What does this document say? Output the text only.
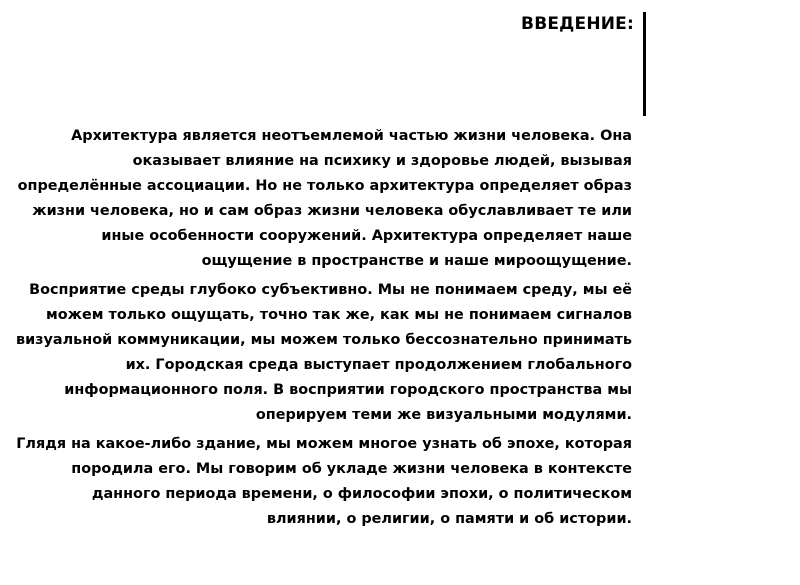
ВВЕДЕНИЕ:

Архитектура является неотъемлемой частью жизни человека. Она оказывает влияние на психику и здоровье людей, вызывая определённые ассоциации. Но не только архитектура определяет образ жизни человека, но и сам образ жизни человека обуславливает те или иные особенности сооружений. Архитектура определяет наше ощущение в пространстве и наше мироощущение.

Восприятие среды глубоко субъективно. Мы не понимаем среду, мы её можем только ощущать, точно так же, как мы не понимаем сигналов визуальной коммуникации, мы можем только бессознательно принимать их. Городская среда выступает продолжением глобального информационного поля. В восприятии городского пространства мы оперируем теми же визуальными модулями.

Глядя на какое-либо здание, мы можем многое узнать об эпохе, которая породила его. Мы говорим об укладе жизни человека в контексте данного периода времени, о философии эпохи, о политическом влиянии, о религии, о памяти и об истории.
